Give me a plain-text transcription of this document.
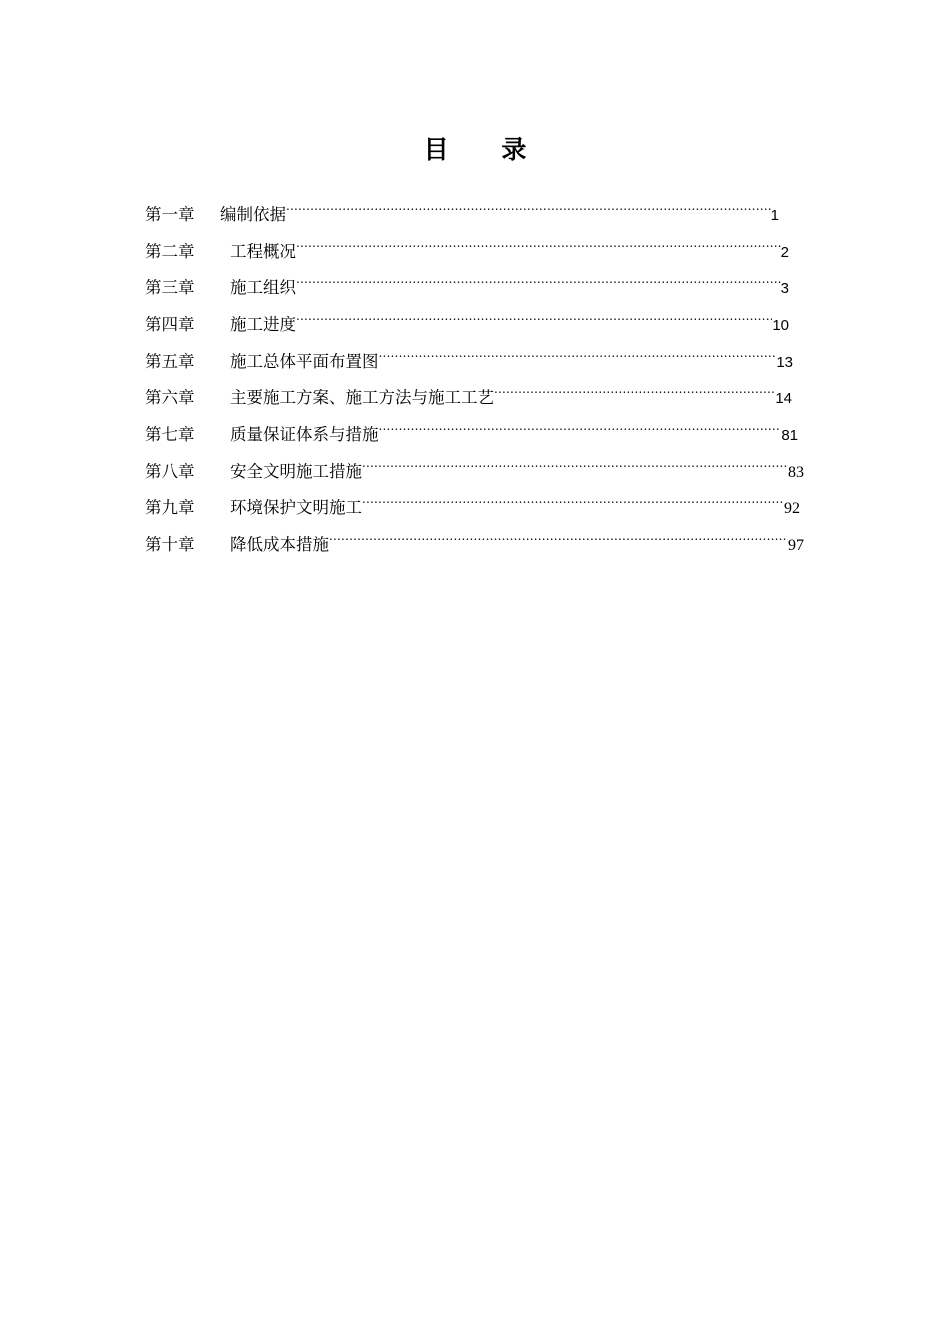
目 录
第一章	编制依据 .....	1
第二章	工程概况 .....	2
第三章	施工组织 .....	3
第四章	施工进度 .....	10
第五章	施工总体平面布置图 .....	13
第六章	主要施工方案、施工方法与施工工艺 .....	14
第七章	质量保证体系与措施 .....	81
第八章	安全文明施工措施 .....	83
第九章	环境保护文明施工 .....	92
第十章	降低成本措施 .....	97
